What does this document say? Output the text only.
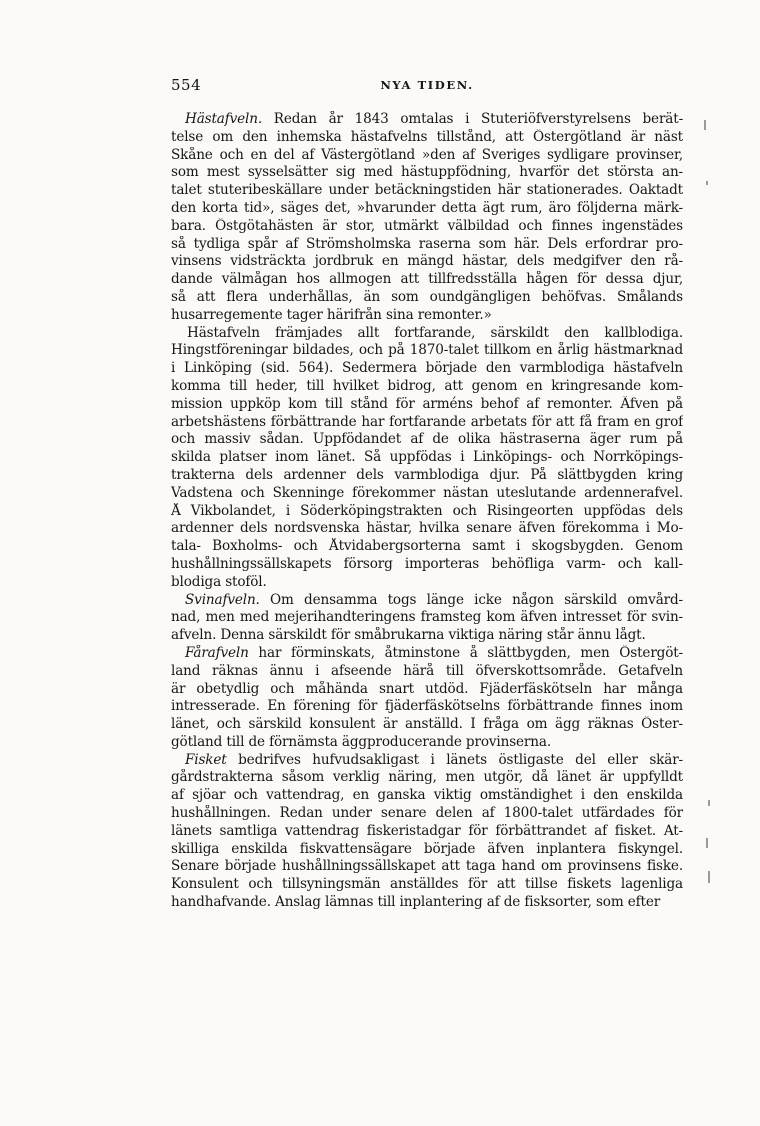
554	NYA TIDEN.
Hästafveln. Redan år 1843 omtalas i Stuteriöfverstyrelsens berät-
telse om den inhemska hästafvelns tillstånd, att Östergötland är näst
Skåne och en del af Västergötland »den af Sveriges sydligare provinser,
som mest sysselsätter sig med hästuppfödning, hvarför det största an-
talet stuteribeskällare under betäckningstiden här stationerades. Oaktadt
den korta tid», säges det, »hvarunder detta ägt rum, äro följderna märk-
bara. Östgötahästen är stor, utmärkt välbildad och finnes ingenstädes
så tydliga spår af Strömsholmska raserna som här. Dels erfordrar pro-
vinsens vidsträckta jordbruk en mängd hästar, dels medgifver den rå-
dande välmågan hos allmogen att tillfredsställa hågen för dessa djur,
så att flera underhållas, än som oundgängligen behöfvas. Smålands
husarregemente tager härifrån sina remonter.»
Hästafveln främjades allt fortfarande, särskildt den kallblodiga.
Hingstföreningar bildades, och på 1870-talet tillkom en årlig hästmarknad
i Linköping (sid. 564). Sedermera började den varmblodiga hästafveln
komma till heder, till hvilket bidrog, att genom en kringresande kom-
mission uppköp kom till stånd för arméns behof af remonter. Äfven på
arbetshästens förbättrande har fortfarande arbetats för att få fram en grof
och massiv sådan. Uppfödandet af de olika hästraserna äger rum på
skilda platser inom länet. Så uppfödas i Linköpings- och Norrköpings-
trakterna dels ardenner dels varmblodiga djur. På slättbygden kring
Vadstena och Skenninge förekommer nästan uteslutande ardennerafvel.
Å Vikbolandet, i Söderköpingstrakten och Risingeorten uppfödas dels
ardenner dels nordsvenska hästar, hvilka senare äfven förekomma i Mo-
tala- Boxholms- och Åtvidabergsorterna samt i skogsbygden. Genom
hushållningssällskapets försorg importeras behöfliga varm- och kall-
blodiga stoföl.
Svinafveln. Om densamma togs länge icke någon särskild omvård-
nad, men med mejerihandteringens framsteg kom äfven intresset för svin-
afveln. Denna särskildt för småbrukarna viktiga näring står ännu lågt.
Fårafveln har förminskats, åtminstone å slättbygden, men Östergöt-
land räknas ännu i afseende härå till öfverskottsområde. Getafveln
är obetydlig och måhända snart utdöd. Fjäderfäskötseln har många
intresserade. En förening för fjäderfäskötselns förbättrande finnes inom
länet, och särskild konsulent är anställd. I fråga om ägg räknas Öster-
götland till de förnämsta äggproducerande provinserna.
Fisket bedrifves hufvudsakligast i länets östligaste del eller skär-
gårdstrakterna såsom verklig näring, men utgör, då länet är uppfylldt
af sjöar och vattendrag, en ganska viktig omständighet i den enskilda
hushållningen. Redan under senare delen af 1800-talet utfärdades för
länets samtliga vattendrag fiskeristadgar för förbättrandet af fisket. At-
skilliga enskilda fiskvattensägare började äfven inplantera fiskyngel.
Senare började hushållningssällskapet att taga hand om provinsens fiske.
Konsulent och tillsyningsmän anställdes för att tillse fiskets lagenliga
handhafvande. Anslag lämnas till inplantering af de fisksorter, som efter
